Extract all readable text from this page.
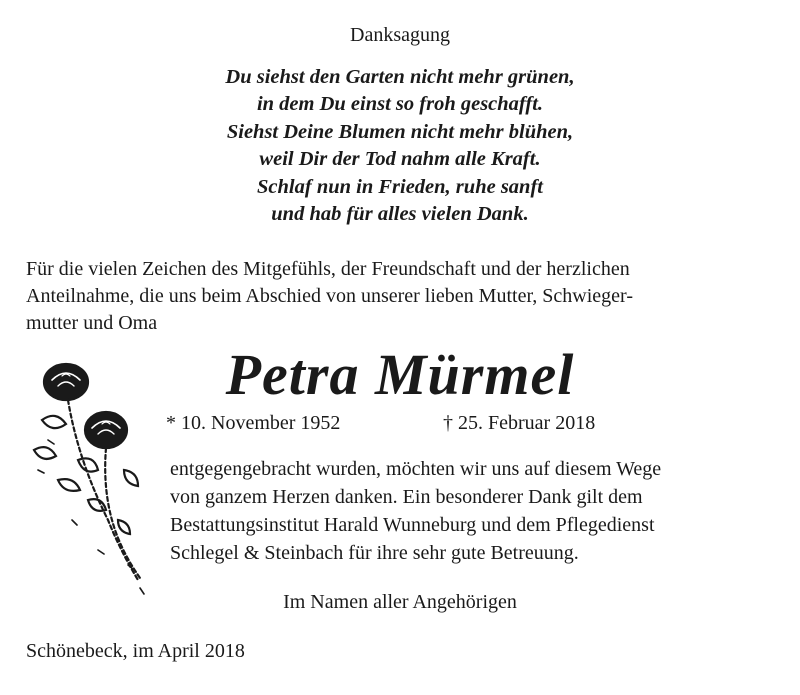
Danksagung
Du siehst den Garten nicht mehr grünen,
in dem Du einst so froh geschafft.
Siehst Deine Blumen nicht mehr blühen,
weil Dir der Tod nahm alle Kraft.
Schlaf nun in Frieden, ruhe sanft
und hab für alles vielen Dank.
Für die vielen Zeichen des Mitgefühls, der Freundschaft und der herzlichen
Anteilnahme, die uns beim Abschied von unserer lieben Mutter, Schwieger-
mutter und Oma
Petra Mürmel
* 10. November 1952	† 25. Februar 2018
entgegengebracht wurden, möchten wir uns auf diesem Wege
von ganzem Herzen danken. Ein besonderer Dank gilt dem
Bestattungsinstitut Harald Wunneburg und dem Pflegedienst
Schlegel & Steinbach für ihre sehr gute Betreuung.
Im Namen aller Angehörigen
Schönebeck, im April 2018
